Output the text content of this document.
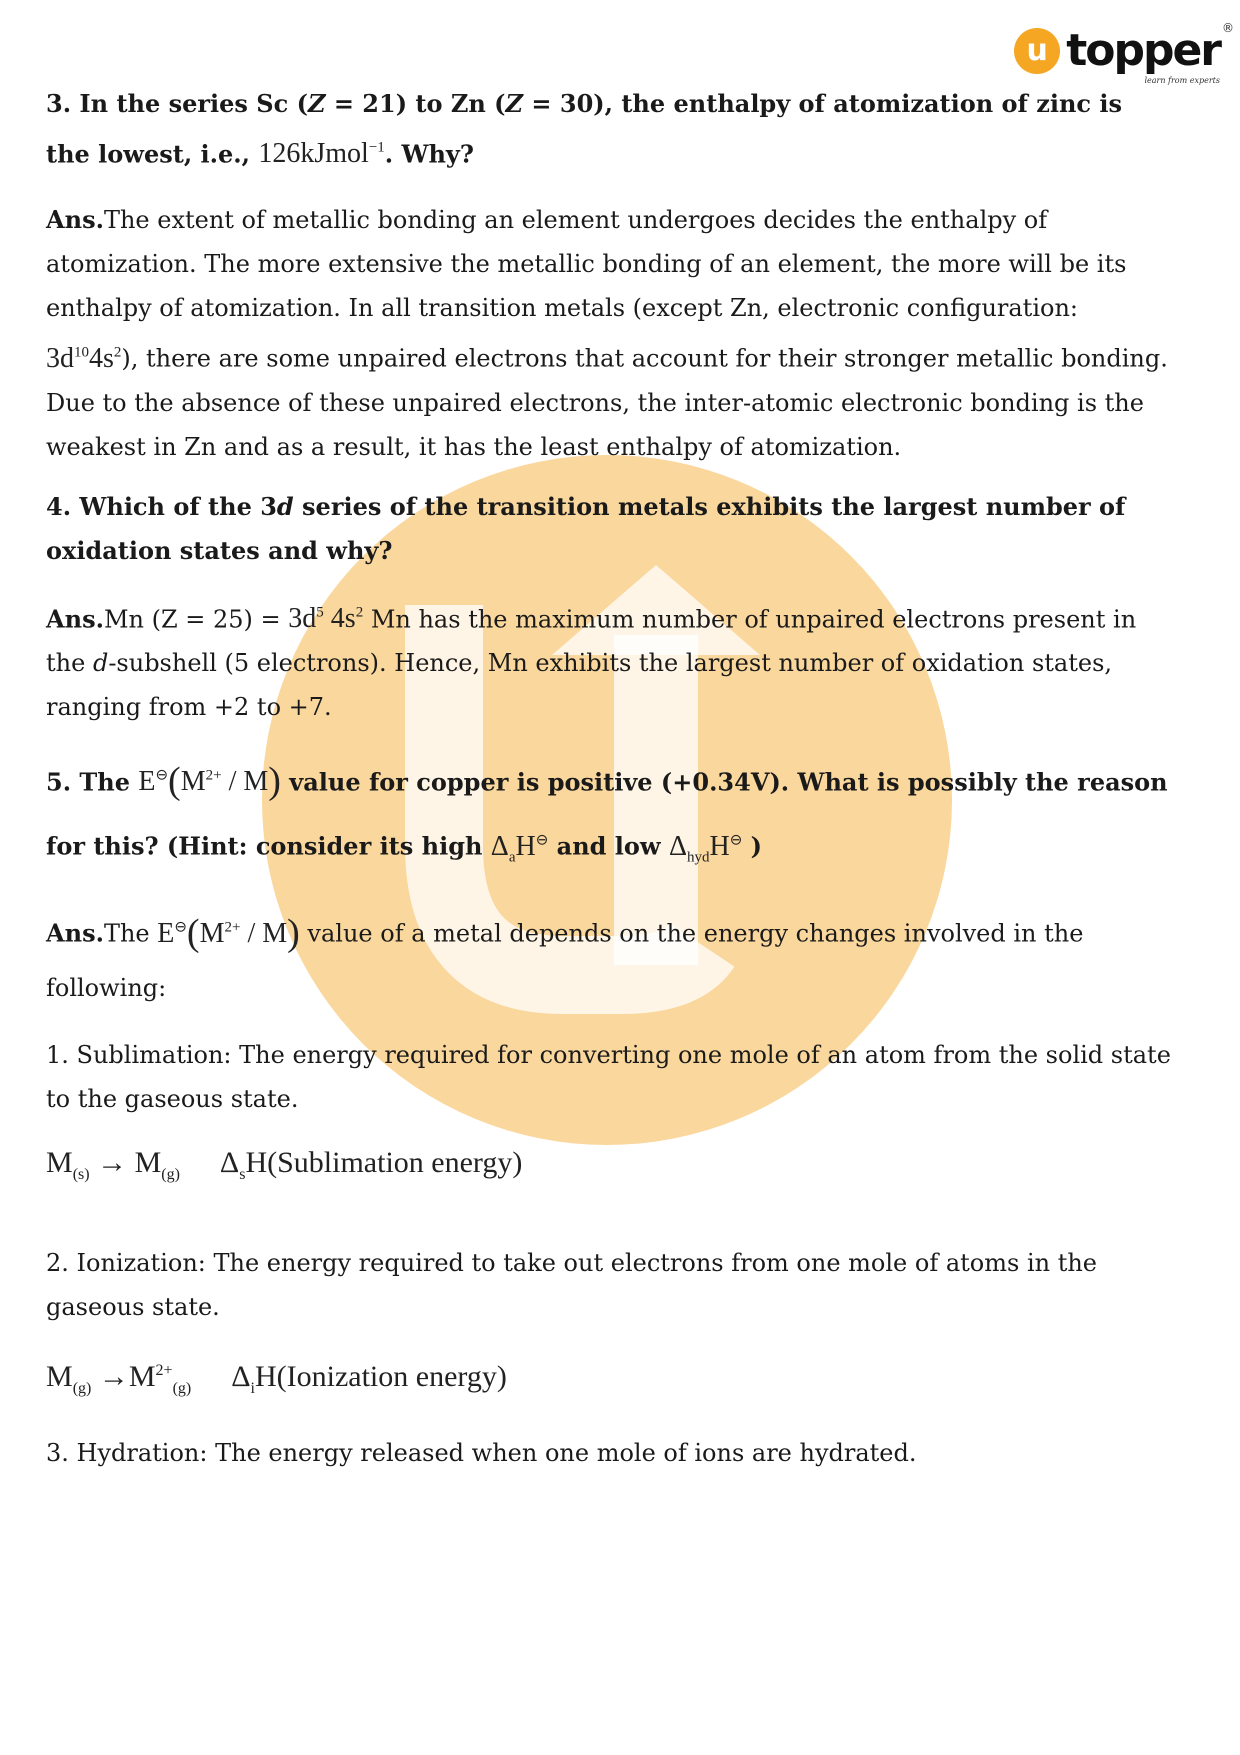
u topper ®
learn from experts

3. In the series Sc (Z = 21) to Zn (Z = 30), the enthalpy of atomization of zinc is the lowest, i.e., 126kJmol$^{-1}$. Why?

Ans.The extent of metallic bonding an element undergoes decides the enthalpy of atomization. The more extensive the metallic bonding of an element, the more will be its enthalpy of atomization. In all transition metals (except Zn, electronic configuration: $3d^{10}4s^2$), there are some unpaired electrons that account for their stronger metallic bonding. Due to the absence of these unpaired electrons, the inter-atomic electronic bonding is the weakest in Zn and as a result, it has the least enthalpy of atomization.

4. Which of the 3d series of the transition metals exhibits the largest number of oxidation states and why?

Ans.Mn $(Z = 25) = 3d^5$ $4s^2$ Mn has the maximum number of unpaired electrons present in the d-subshell (5 electrons). Hence, Mn exhibits the largest number of oxidation states, ranging from +2 to +7.

5. The $E^⊖(M^{2+} / M)$ value for copper is positive (+0.34V). What is possibly the reason for this? (Hint: consider its high $\Delta_aH^⊖$ and low $\Delta_{hyd}H^⊖$ )

Ans.The $E^⊖(M^{2+} / M)$ value of a metal depends on the energy changes involved in the following:

1. Sublimation: The energy required for converting one mole of an atom from the solid state to the gaseous state.

$M_{(s)} \to M_{(g)}$ $\Delta_sH(Sublimation$ energy)

2. Ionization: The energy required to take out electrons from one mole of atoms in the gaseous state.

$M_{(g)} \to M^{2+}_{(g)}$ $\Delta_iH(Ionization$ energy)

3. Hydration: The energy released when one mole of ions are hydrated.
